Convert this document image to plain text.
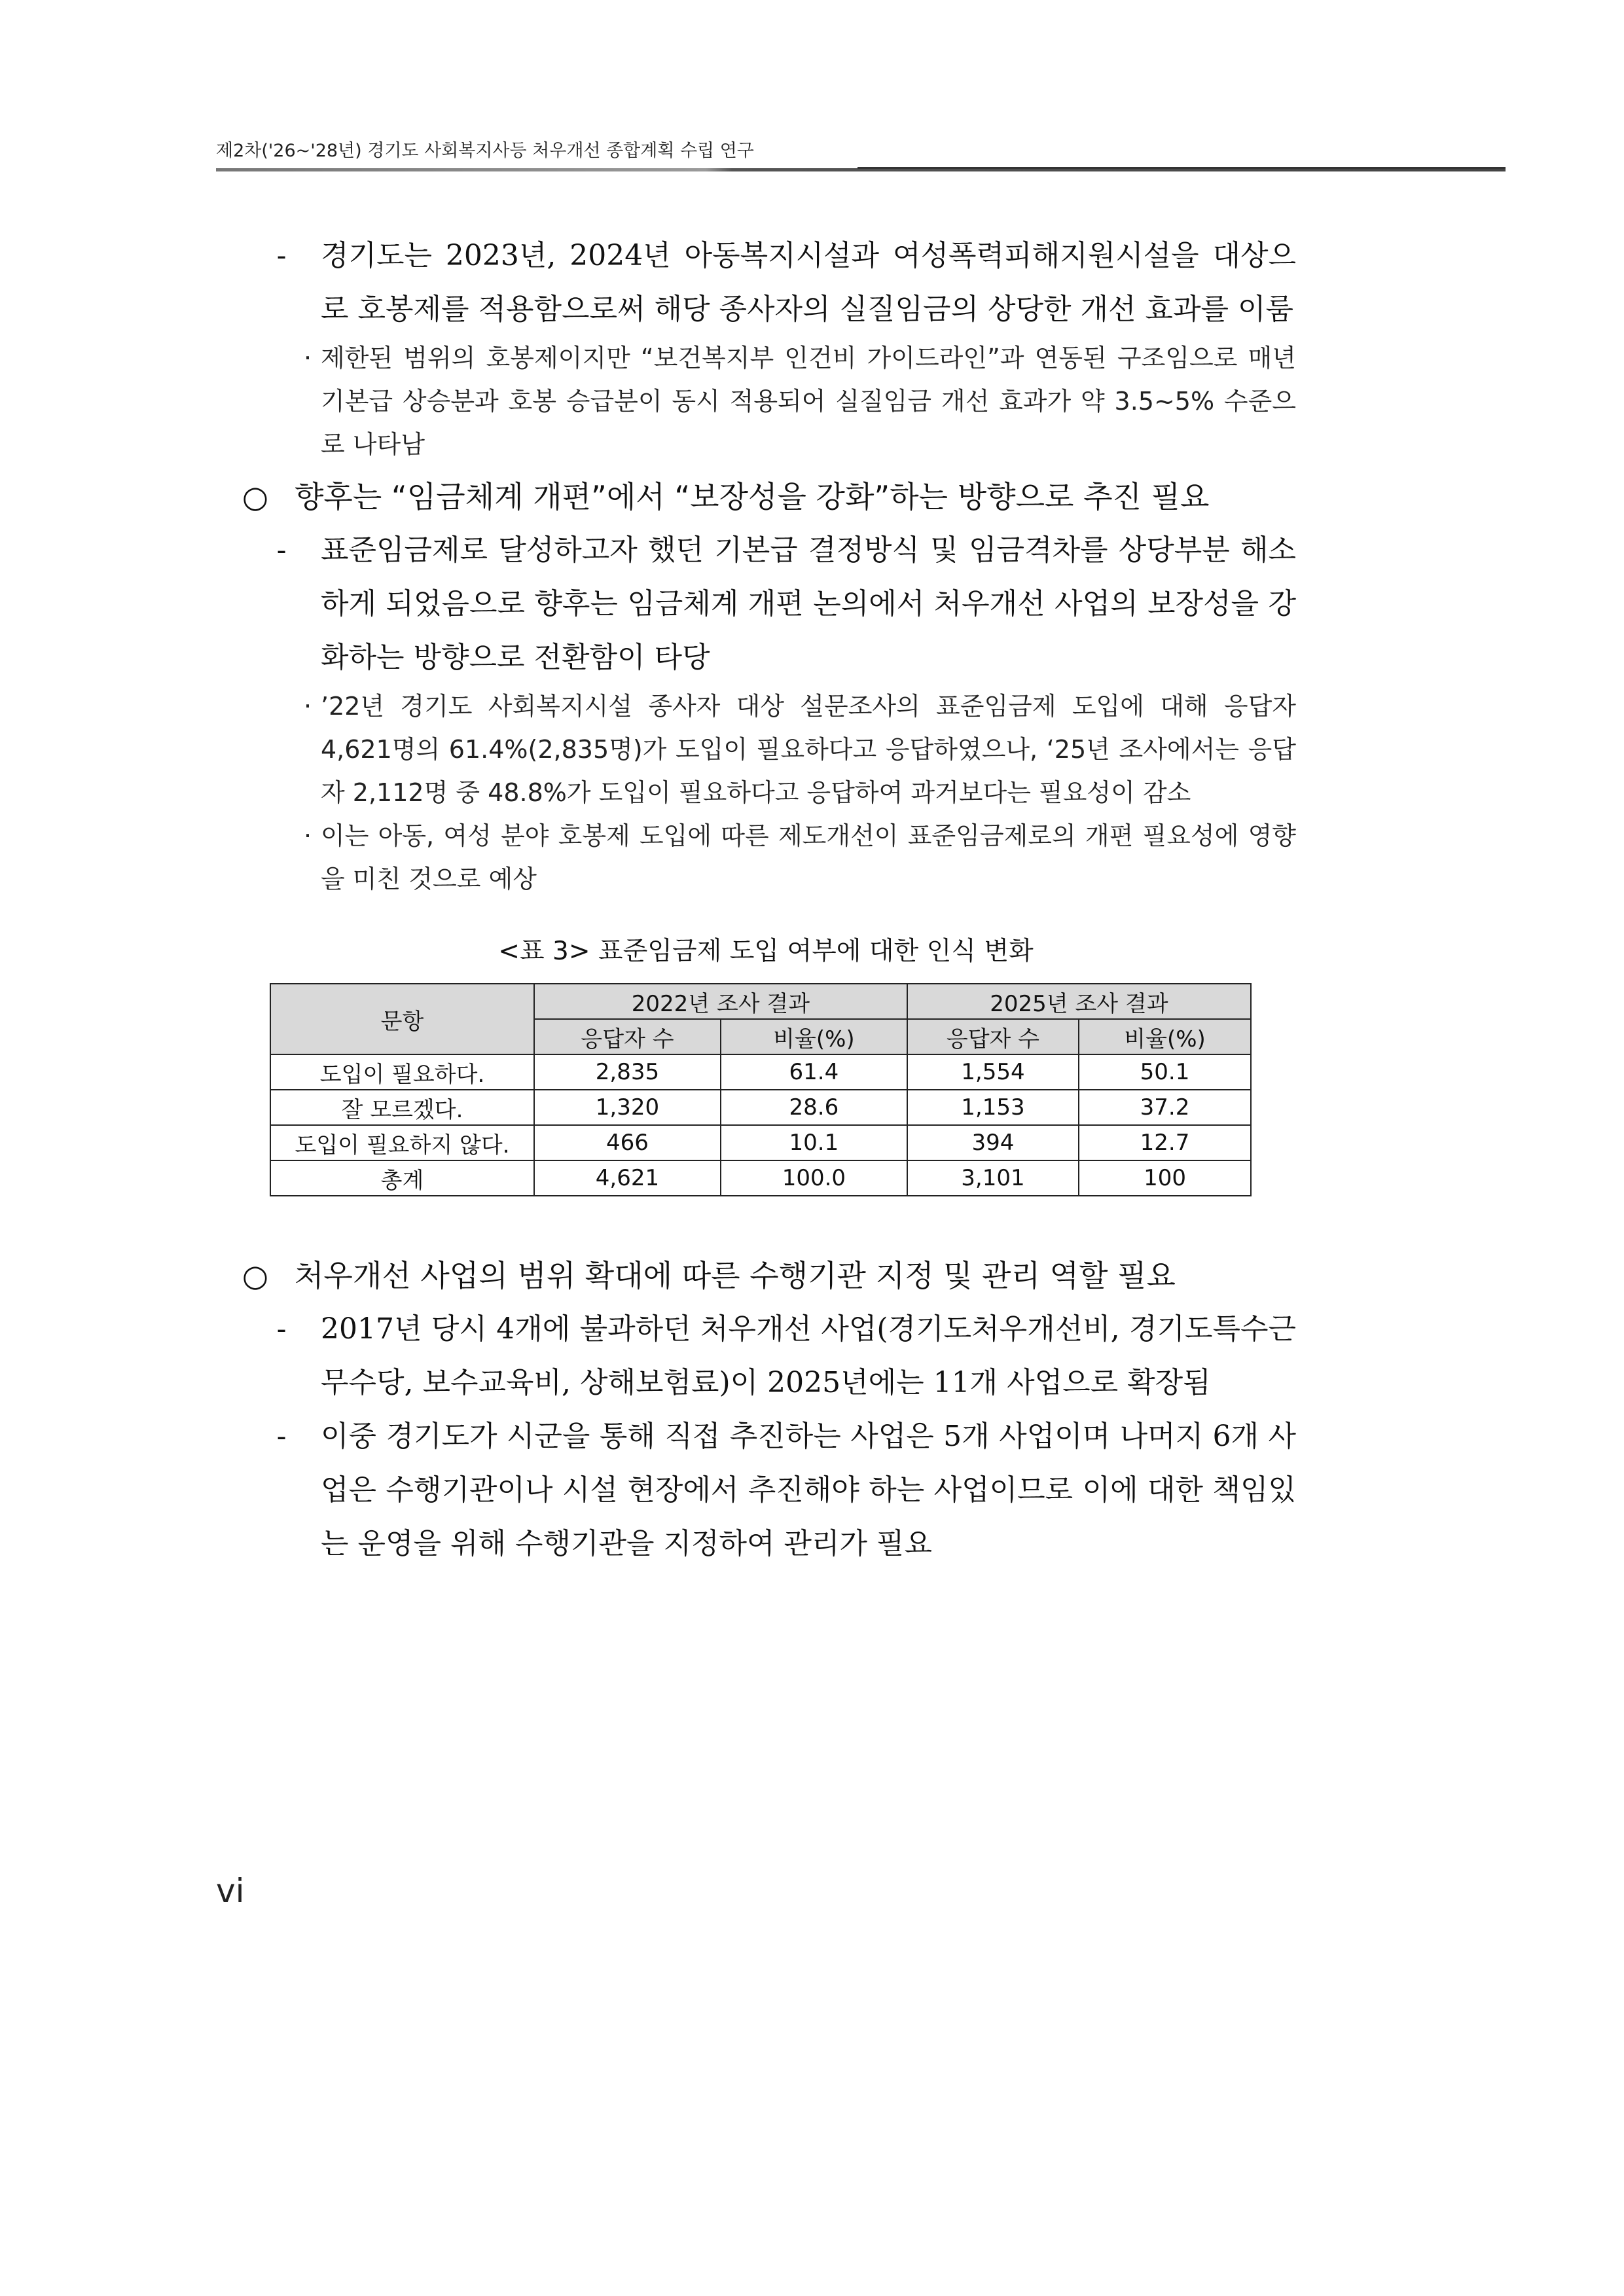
제2차('26~'28년) 경기도 사회복지사등 처우개선 종합계획 수립 연구
-	경기도는 2023년, 2024년 아동복지시설과 여성폭력피해지원시설을 대상으로 호봉제를 적용함으로써 해당 종사자의 실질임금의 상당한 개선 효과를 이룸
· 제한된 범위의 호봉제이지만 “보건복지부 인건비 가이드라인”과 연동된 구조임으로 매년 기본급 상승분과 호봉 승급분이 동시 적용되어 실질임금 개선 효과가 약 3.5~5% 수준으로 나타남
○ 향후는 “임금체계 개편”에서 “보장성을 강화”하는 방향으로 추진 필요
-	표준임금제로 달성하고자 했던 기본급 결정방식 및 임금격차를 상당부분 해소하게 되었음으로 향후는 임금체계 개편 논의에서 처우개선 사업의 보장성을 강화하는 방향으로 전환함이 타당
· ’22년 경기도 사회복지시설 종사자 대상 설문조사의 표준임금제 도입에 대해 응답자 4,621명의 61.4%(2,835명)가 도입이 필요하다고 응답하였으나, ‘25년 조사에서는 응답자 2,112명 중 48.8%가 도입이 필요하다고 응답하여 과거보다는 필요성이 감소
· 이는 아동, 여성 분야 호봉제 도입에 따른 제도개선이 표준임금제로의 개편 필요성에 영향을 미친 것으로 예상
<표 3> 표준임금제 도입 여부에 대한 인식 변화
문항	2022년 조사 결과		2025년 조사 결과	
	응답자 수	비율(%)	응답자 수	비율(%)
도입이 필요하다.	2,835	61.4	1,554	50.1
잘 모르겠다.	1,320	28.6	1,153	37.2
도입이 필요하지 않다.	466	10.1	394	12.7
총계	4,621	100.0	3,101	100
○ 처우개선 사업의 범위 확대에 따른 수행기관 지정 및 관리 역할 필요
-	2017년 당시 4개에 불과하던 처우개선 사업(경기도처우개선비, 경기도특수근무수당, 보수교육비, 상해보험료)이 2025년에는 11개 사업으로 확장됨
-	이중 경기도가 시군을 통해 직접 추진하는 사업은 5개 사업이며 나머지 6개 사업은 수행기관이나 시설 현장에서 추진해야 하는 사업이므로 이에 대한 책임있는 운영을 위해 수행기관을 지정하여 관리가 필요
vi
